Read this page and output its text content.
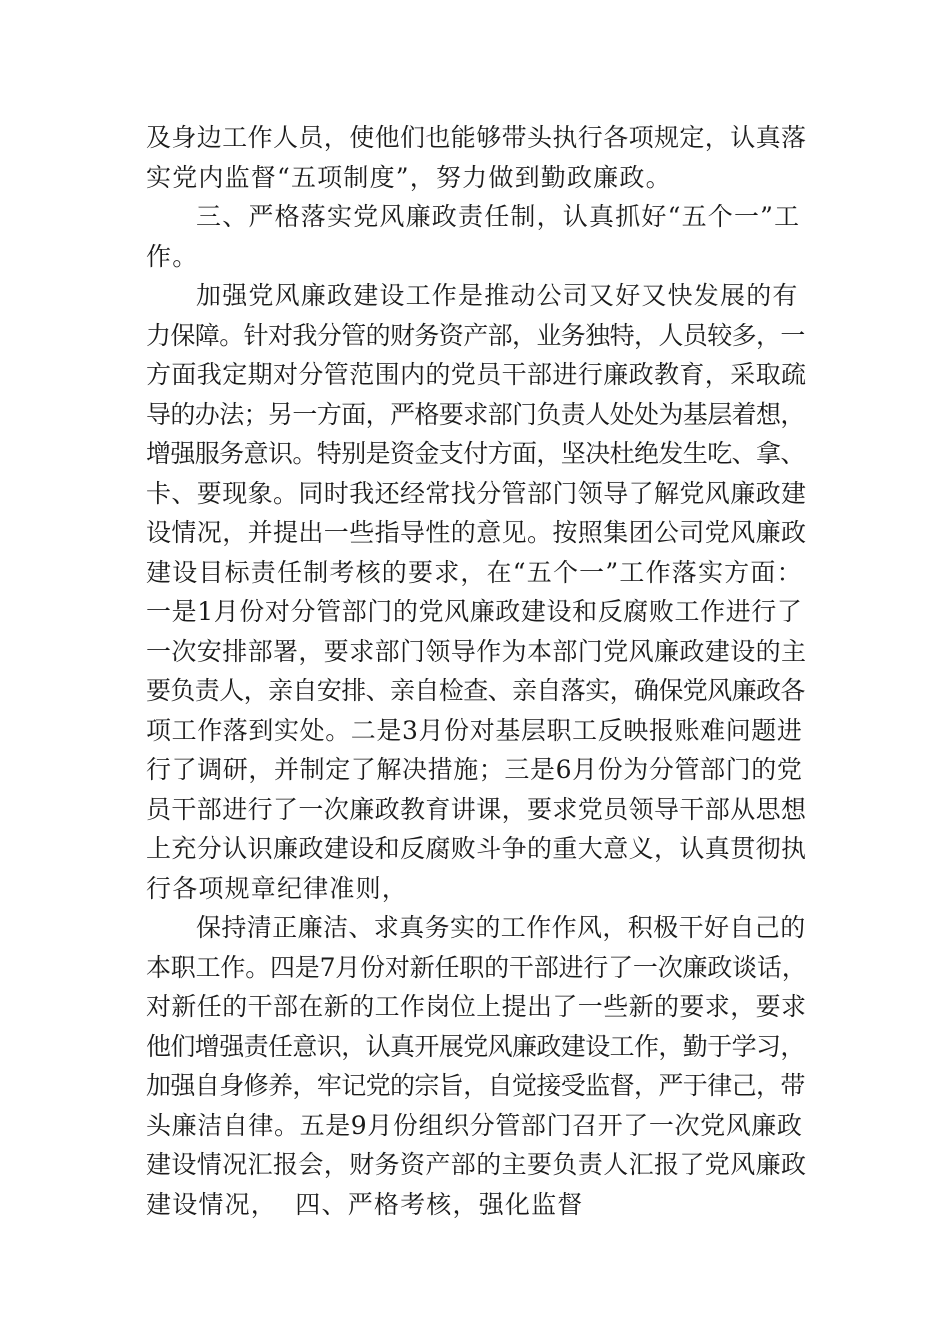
及身边工作人员，使他们也能够带头执行各项规定，认真落
实党内监督“五项制度”，努力做到勤政廉政。
三、严格落实党风廉政责任制，认真抓好“五个一”工
作。
加强党风廉政建设工作是推动公司又好又快发展的有
力保障。针对我分管的财务资产部，业务独特，人员较多，一
方面我定期对分管范围内的党员干部进行廉政教育，采取疏
导的办法；另一方面，严格要求部门负责人处处为基层着想，
增强服务意识。特别是资金支付方面，坚决杜绝发生吃、拿、
卡、要现象。同时我还经常找分管部门领导了解党风廉政建
设情况，并提出一些指导性的意见。按照集团公司党风廉政
建设目标责任制考核的要求，在“五个一”工作落实方面：
一是1月份对分管部门的党风廉政建设和反腐败工作进行了
一次安排部署，要求部门领导作为本部门党风廉政建设的主
要负责人，亲自安排、亲自检查、亲自落实，确保党风廉政各
项工作落到实处。二是3月份对基层职工反映报账难问题进
行了调研，并制定了解决措施；三是6月份为分管部门的党
员干部进行了一次廉政教育讲课，要求党员领导干部从思想
上充分认识廉政建设和反腐败斗争的重大意义，认真贯彻执
行各项规章纪律准则，
保持清正廉洁、求真务实的工作作风，积极干好自己的
本职工作。四是7月份对新任职的干部进行了一次廉政谈话，
对新任的干部在新的工作岗位上提出了一些新的要求，要求
他们增强责任意识，认真开展党风廉政建设工作，勤于学习，
加强自身修养，牢记党的宗旨，自觉接受监督，严于律己，带
头廉洁自律。五是9月份组织分管部门召开了一次党风廉政
建设情况汇报会，财务资产部的主要负责人汇报了党风廉政
建设情况，  四、严格考核，强化监督
